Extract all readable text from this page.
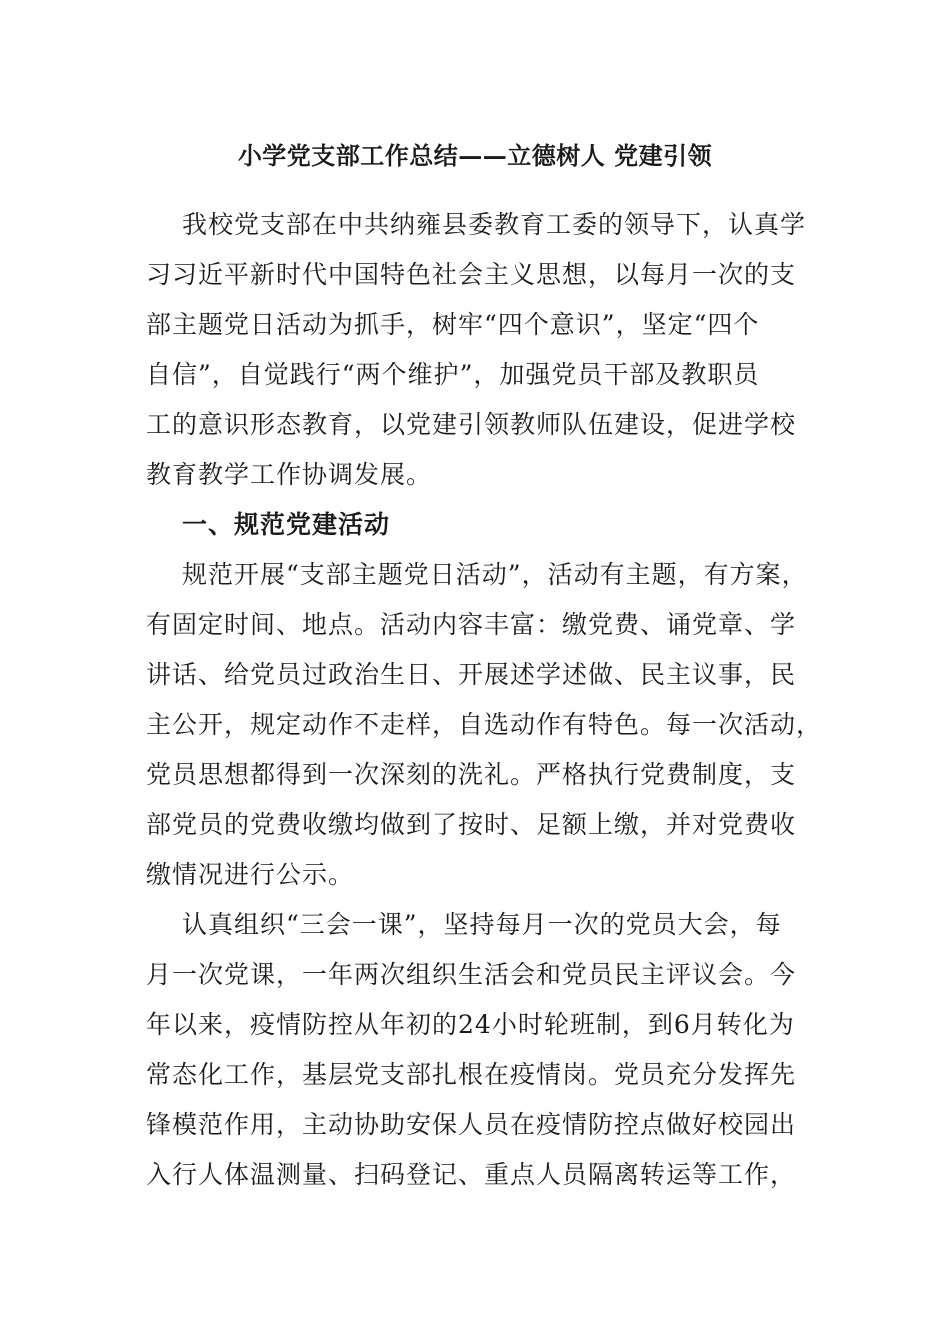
小学党支部工作总结——立德树人 党建引领
我校党支部在中共纳雍县委教育工委的领导下，认真学
习习近平新时代中国特色社会主义思想，以每月一次的支
部主题党日活动为抓手，树牢“四个意识”，坚定“四个
自信”，自觉践行“两个维护”，加强党员干部及教职员
工的意识形态教育，以党建引领教师队伍建设，促进学校
教育教学工作协调发展。
一、规范党建活动
规范开展“支部主题党日活动”，活动有主题，有方案，
有固定时间、地点。活动内容丰富：缴党费、诵党章、学
讲话、给党员过政治生日、开展述学述做、民主议事，民
主公开，规定动作不走样，自选动作有特色。每一次活动，
党员思想都得到一次深刻的洗礼。严格执行党费制度，支
部党员的党费收缴均做到了按时、足额上缴，并对党费收
缴情况进行公示。
认真组织“三会一课”，坚持每月一次的党员大会，每
月一次党课，一年两次组织生活会和党员民主评议会。今
年以来，疫情防控从年初的24小时轮班制，到6月转化为
常态化工作，基层党支部扎根在疫情岗。党员充分发挥先
锋模范作用，主动协助安保人员在疫情防控点做好校园出
入行人体温测量、扫码登记、重点人员隔离转运等工作，
